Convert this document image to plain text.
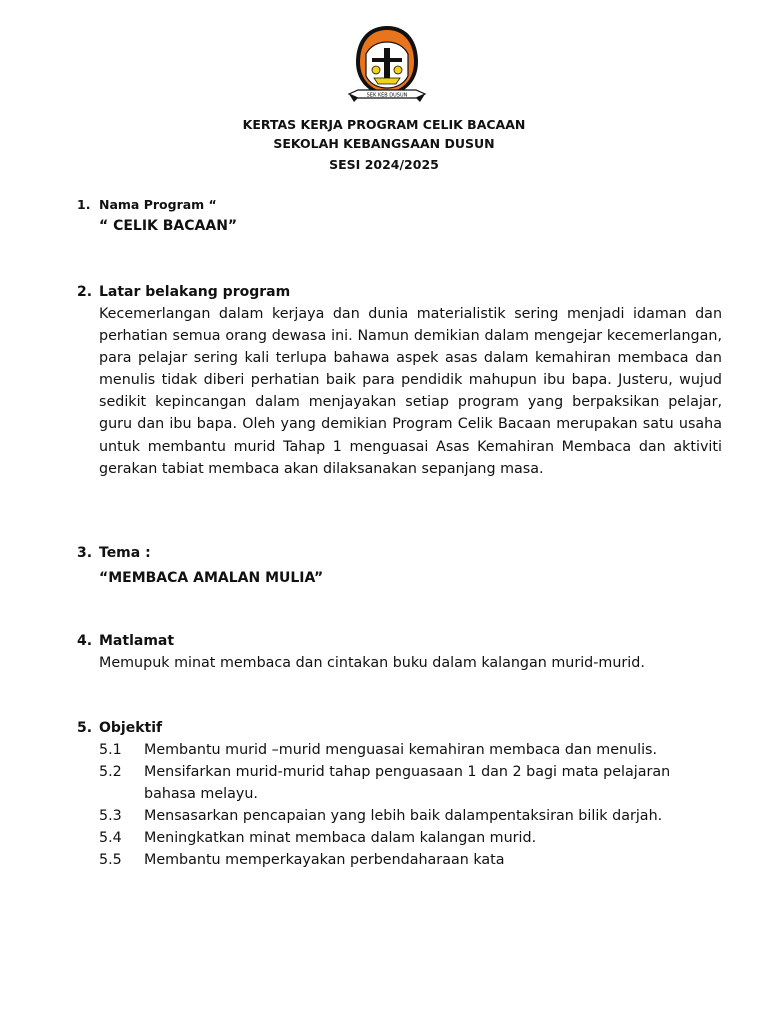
SEK KEB DUSUN
KERTAS KERJA PROGRAM CELIK BACAAN
SEKOLAH KEBANGSAAN DUSUN
SESI 2024/2025
1. Nama Program “
“ CELIK BACAAN”
2. Latar belakang program
Kecemerlangan dalam kerjaya dan dunia materialistik sering menjadi idaman dan perhatian semua orang dewasa ini. Namun demikian dalam mengejar kecemerlangan, para pelajar sering kali terlupa bahawa aspek asas dalam kemahiran membaca dan menulis tidak diberi perhatian baik para pendidik mahupun ibu bapa. Justeru, wujud sedikit kepincangan dalam menjayakan setiap program yang berpaksikan pelajar, guru dan ibu bapa. Oleh yang demikian Program Celik Bacaan merupakan satu usaha untuk membantu murid Tahap 1 menguasai Asas Kemahiran Membaca dan aktiviti gerakan tabiat membaca akan dilaksanakan sepanjang masa.
3. Tema :
“MEMBACA AMALAN MULIA”
4. Matlamat
Memupuk minat membaca dan cintakan buku dalam kalangan murid-murid.
5. Objektif
5.1 Membantu murid –murid menguasai kemahiran membaca dan menulis.
5.2 Mensifarkan murid-murid tahap penguasaan 1 dan 2 bagi mata pelajaran bahasa melayu.
5.3 Mensasarkan pencapaian yang lebih baik dalampentaksiran bilik darjah.
5.4 Meningkatkan minat membaca dalam kalangan murid.
5.5 Membantu memperkayakan perbendaharaan kata
